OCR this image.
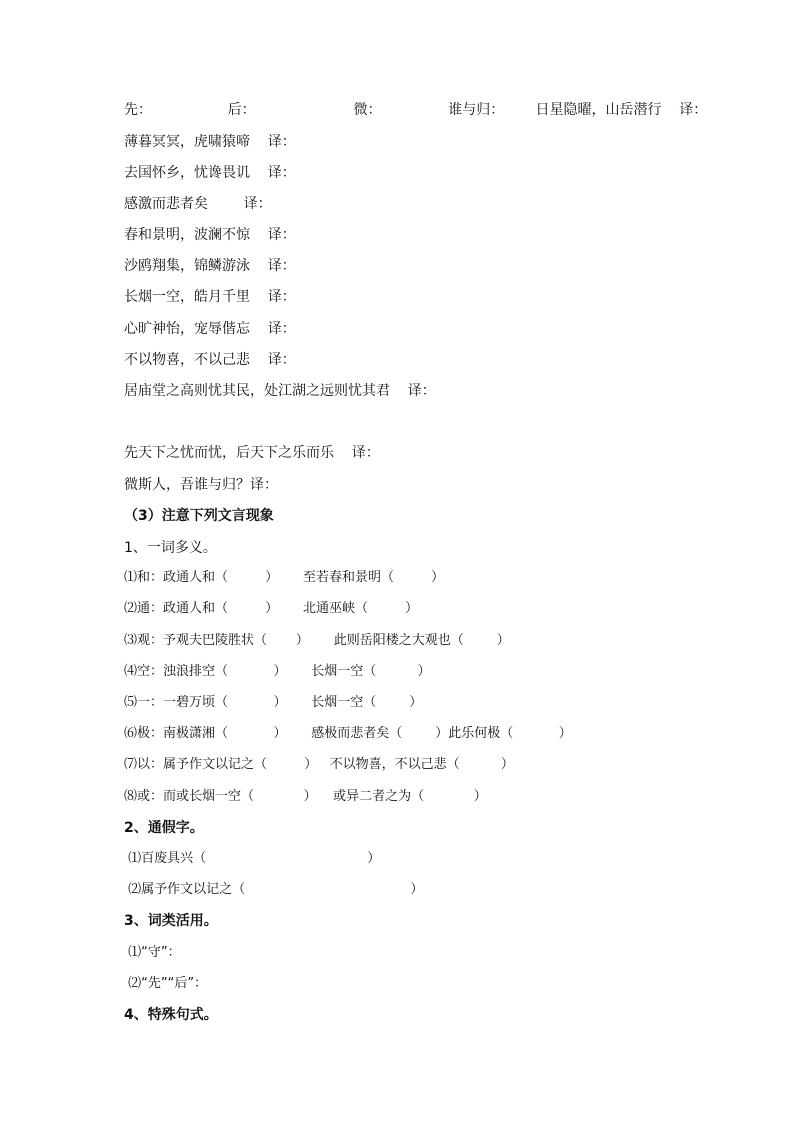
先：                 后：                      微：               谁与归：       日星隐曜，山岳潜行    译：
薄暮冥冥，虎啸猿啼    译：
去国怀乡，忧谗畏讥    译：
感激而悲者矣        译：
春和景明，波澜不惊    译：
沙鸥翔集，锦鳞游泳    译：
长烟一空，皓月千里    译：
心旷神怡，宠辱偕忘    译：
不以物喜，不以己悲    译：
居庙堂之高则忧其民，处江湖之远则忧其君    译：
先天下之忧而忧，后天下之乐而乐    译：
微斯人，吾谁与归？译：
（3）注意下列文言现象
1、一词多义。
⑴和：政通人和（         ）      至若春和景明（         ）
⑵通：政通人和（         ）      北通巫峡（         ）
⑶观：予观夫巴陵胜状（       ）      此则岳阳楼之大观也（        ）
⑷空：浊浪排空（           ）      长烟一空（          ）
⑸一：一碧万顷（           ）      长烟一空（        ）
⑹极：南极潇湘（           ）      感极而悲者矣（        ）此乐何极（           ）
⑺以：属予作文以记之（         ）   不以物喜，不以己悲（          ）
⑻或：而或长烟一空（            ）    或异二者之为（            ）
2、通假字。
⑴百废具兴（                                       ）
⑵属予作文以记之（                                        ）
3、词类活用。
⑴“守”：
⑵“先”“后”：
4、特殊句式。
